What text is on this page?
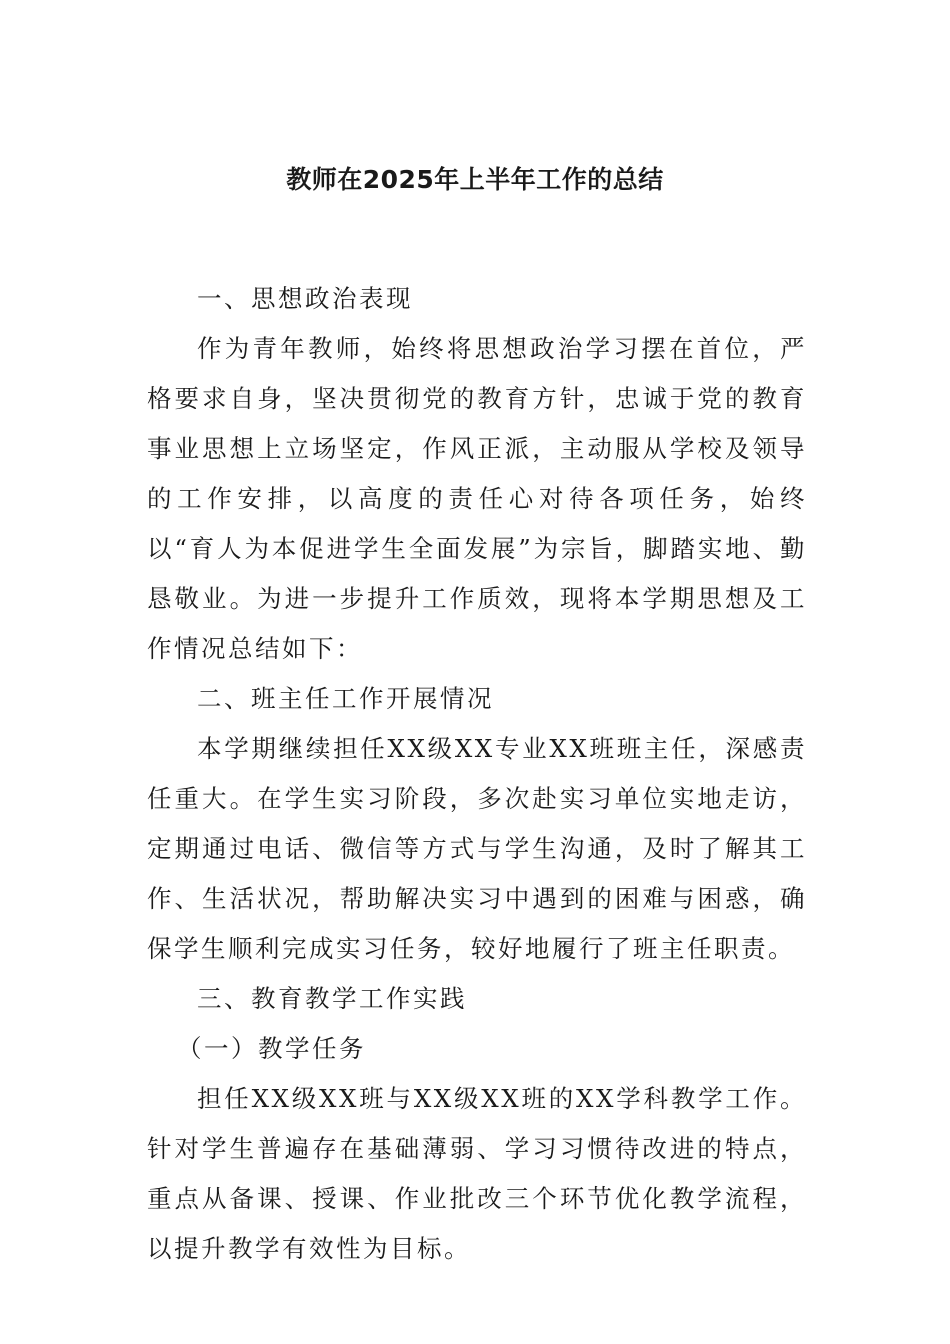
教师在2025年上半年工作的总结

一、思想政治表现

作为青年教师，始终将思想政治学习摆在首位，严格要求自身，坚决贯彻党的教育方针，忠诚于党的教育事业思想上立场坚定，作风正派，主动服从学校及领导的工作安排，以高度的责任心对待各项任务，始终以“育人为本促进学生全面发展”为宗旨，脚踏实地、勤恳敬业。为进一步提升工作质效，现将本学期思想及工作情况总结如下：

二、班主任工作开展情况

本学期继续担任XX级XX专业XX班班主任，深感责任重大。在学生实习阶段，多次赴实习单位实地走访，定期通过电话、微信等方式与学生沟通，及时了解其工作、生活状况，帮助解决实习中遇到的困难与困惑，确保学生顺利完成实习任务，较好地履行了班主任职责。

三、教育教学工作实践

（一）教学任务

担任XX级XX班与XX级XX班的XX学科教学工作。针对学生普遍存在基础薄弱、学习习惯待改进的特点，重点从备课、授课、作业批改三个环节优化教学流程，以提升教学有效性为目标。
